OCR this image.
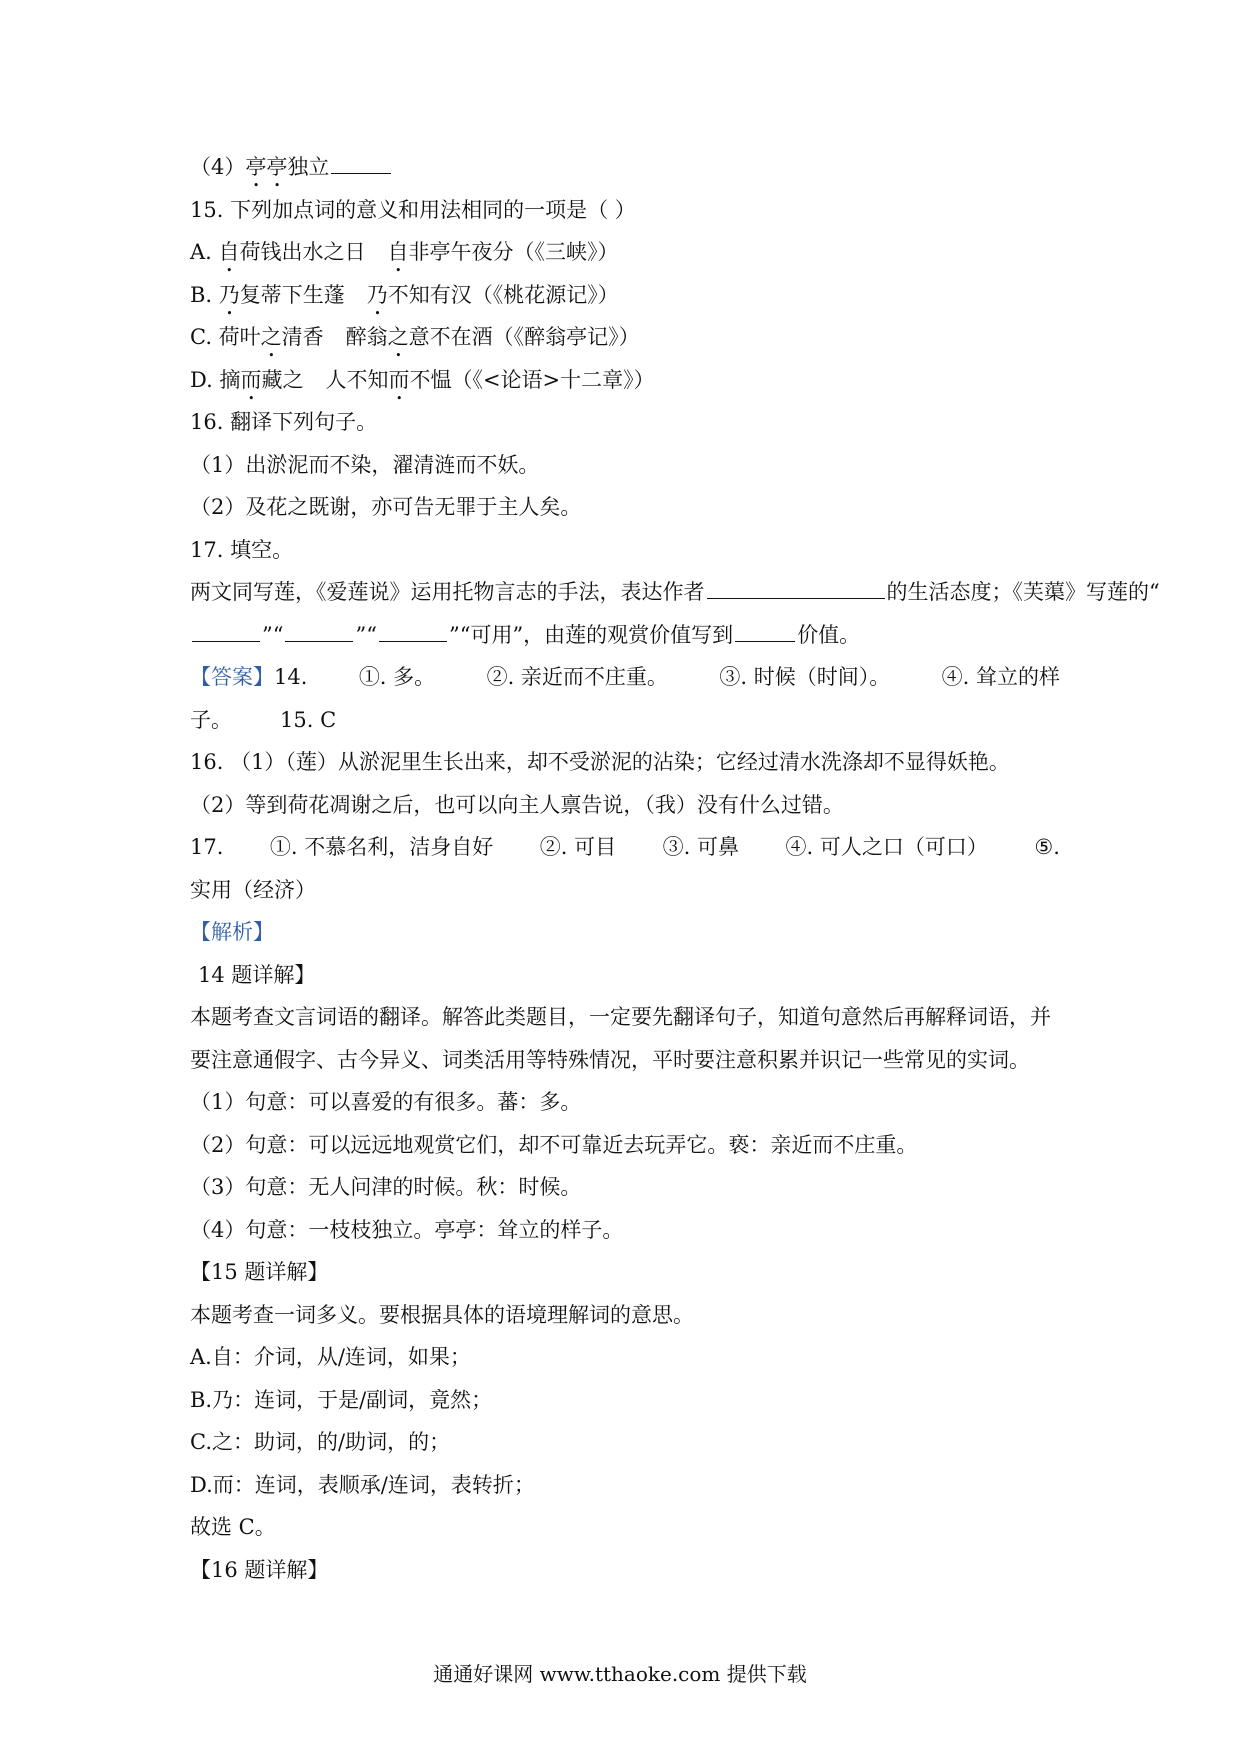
（4）亭亭独立
15. 下列加点词的意义和用法相同的一项是（ ）
A. 自荷钱出水之日 自非亭午夜分（《三峡》）
B. 乃复蒂下生蓬 乃不知有汉（《桃花源记》）
C. 荷叶之清香 醉翁之意不在酒（《醉翁亭记》）
D. 摘而藏之 人不知而不愠（《<论语>十二章》）
16. 翻译下列句子。
（1）出淤泥而不染，濯清涟而不妖。
（2）及花之既谢，亦可告无罪于主人矣。
17. 填空。
两文同写莲，《爱莲说》运用托物言志的手法，表达作者	的生活态度；《芙蕖》写莲的“
”“	”“	”“可用”，由莲的观赏价值写到	价值。
【答案】14. ①. 多。 ②. 亲近而不庄重。 ③. 时候（时间）。 ④. 耸立的样
子。 15. C
16. （1）（莲）从淤泥里生长出来，却不受淤泥的沾染；它经过清水洗涤却不显得妖艳。
（2）等到荷花凋谢之后，也可以向主人禀告说，（我）没有什么过错。
17. ①. 不慕名利，洁身自好 ②. 可目 ③. 可鼻 ④. 可人之口（可口） ⑤.
实用（经济）
【解析】
14 题详解】
本题考查文言词语的翻译。解答此类题目，一定要先翻译句子，知道句意然后再解释词语，并要注意通假字、古今异义、词类活用等特殊情况，平时要注意积累并识记一些常见的实词。
（1）句意：可以喜爱的有很多。蕃：多。
（2）句意：可以远远地观赏它们，却不可靠近去玩弄它。亵：亲近而不庄重。
（3）句意：无人问津的时候。秋：时候。
（4）句意：一枝枝独立。亭亭：耸立的样子。
【15 题详解】
本题考查一词多义。要根据具体的语境理解词的意思。
A.自：介词，从/连词，如果；
B.乃：连词，于是/副词，竟然；
C.之：助词，的/助词，的；
D.而：连词，表顺承/连词，表转折；
故选 C。
【16 题详解】
通通好课网 www.tthaoke.com 提供下载
